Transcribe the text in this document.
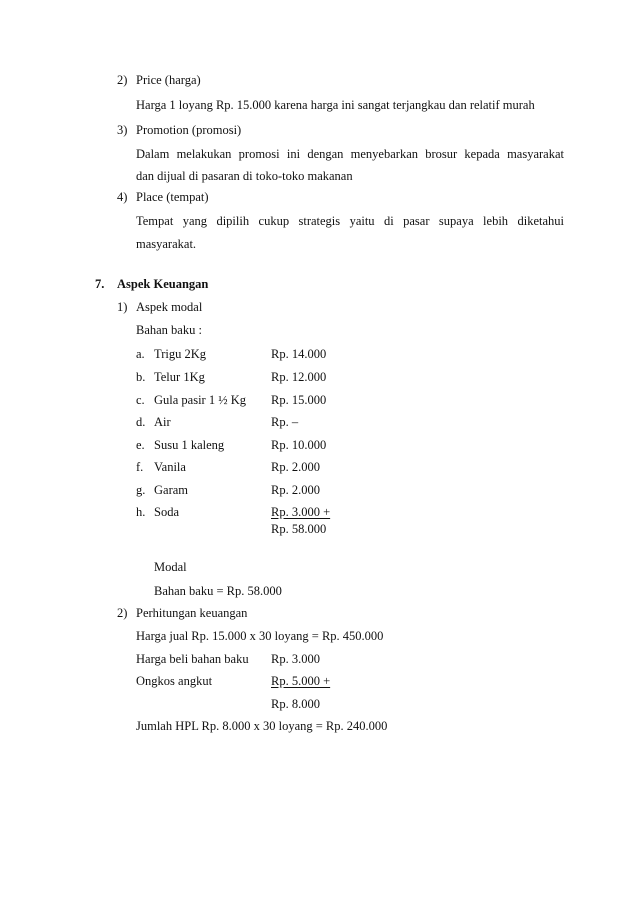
2) Price (harga)
Harga 1 loyang Rp. 15.000 karena harga ini sangat terjangkau dan relatif murah
3) Promotion (promosi)
Dalam melakukan promosi ini dengan menyebarkan brosur kepada masyarakat
dan dijual di pasaran di toko-toko makanan
4) Place (tempat)
Tempat yang dipilih cukup strategis yaitu di pasar supaya lebih diketahui
masyarakat.
7. Aspek Keuangan
1) Aspek modal
Bahan baku :
a. Trigu 2Kg	Rp. 14.000
b. Telur 1Kg	Rp. 12.000
c. Gula pasir 1 ½ Kg Rp. 15.000
d. Air	Rp. –
e. Susu 1 kaleng	Rp. 10.000
f. Vanila	Rp. 2.000
g. Garam	Rp. 2.000
h. Soda	Rp. 3.000 +
Rp. 58.000
Modal
Bahan baku = Rp. 58.000
2) Perhitungan keuangan
Harga jual Rp. 15.000 x 30 loyang = Rp. 450.000
Harga beli bahan baku Rp. 3.000
Ongkos angkut	Rp. 5.000 +
Rp. 8.000
Jumlah HPL Rp. 8.000 x 30 loyang = Rp. 240.000
